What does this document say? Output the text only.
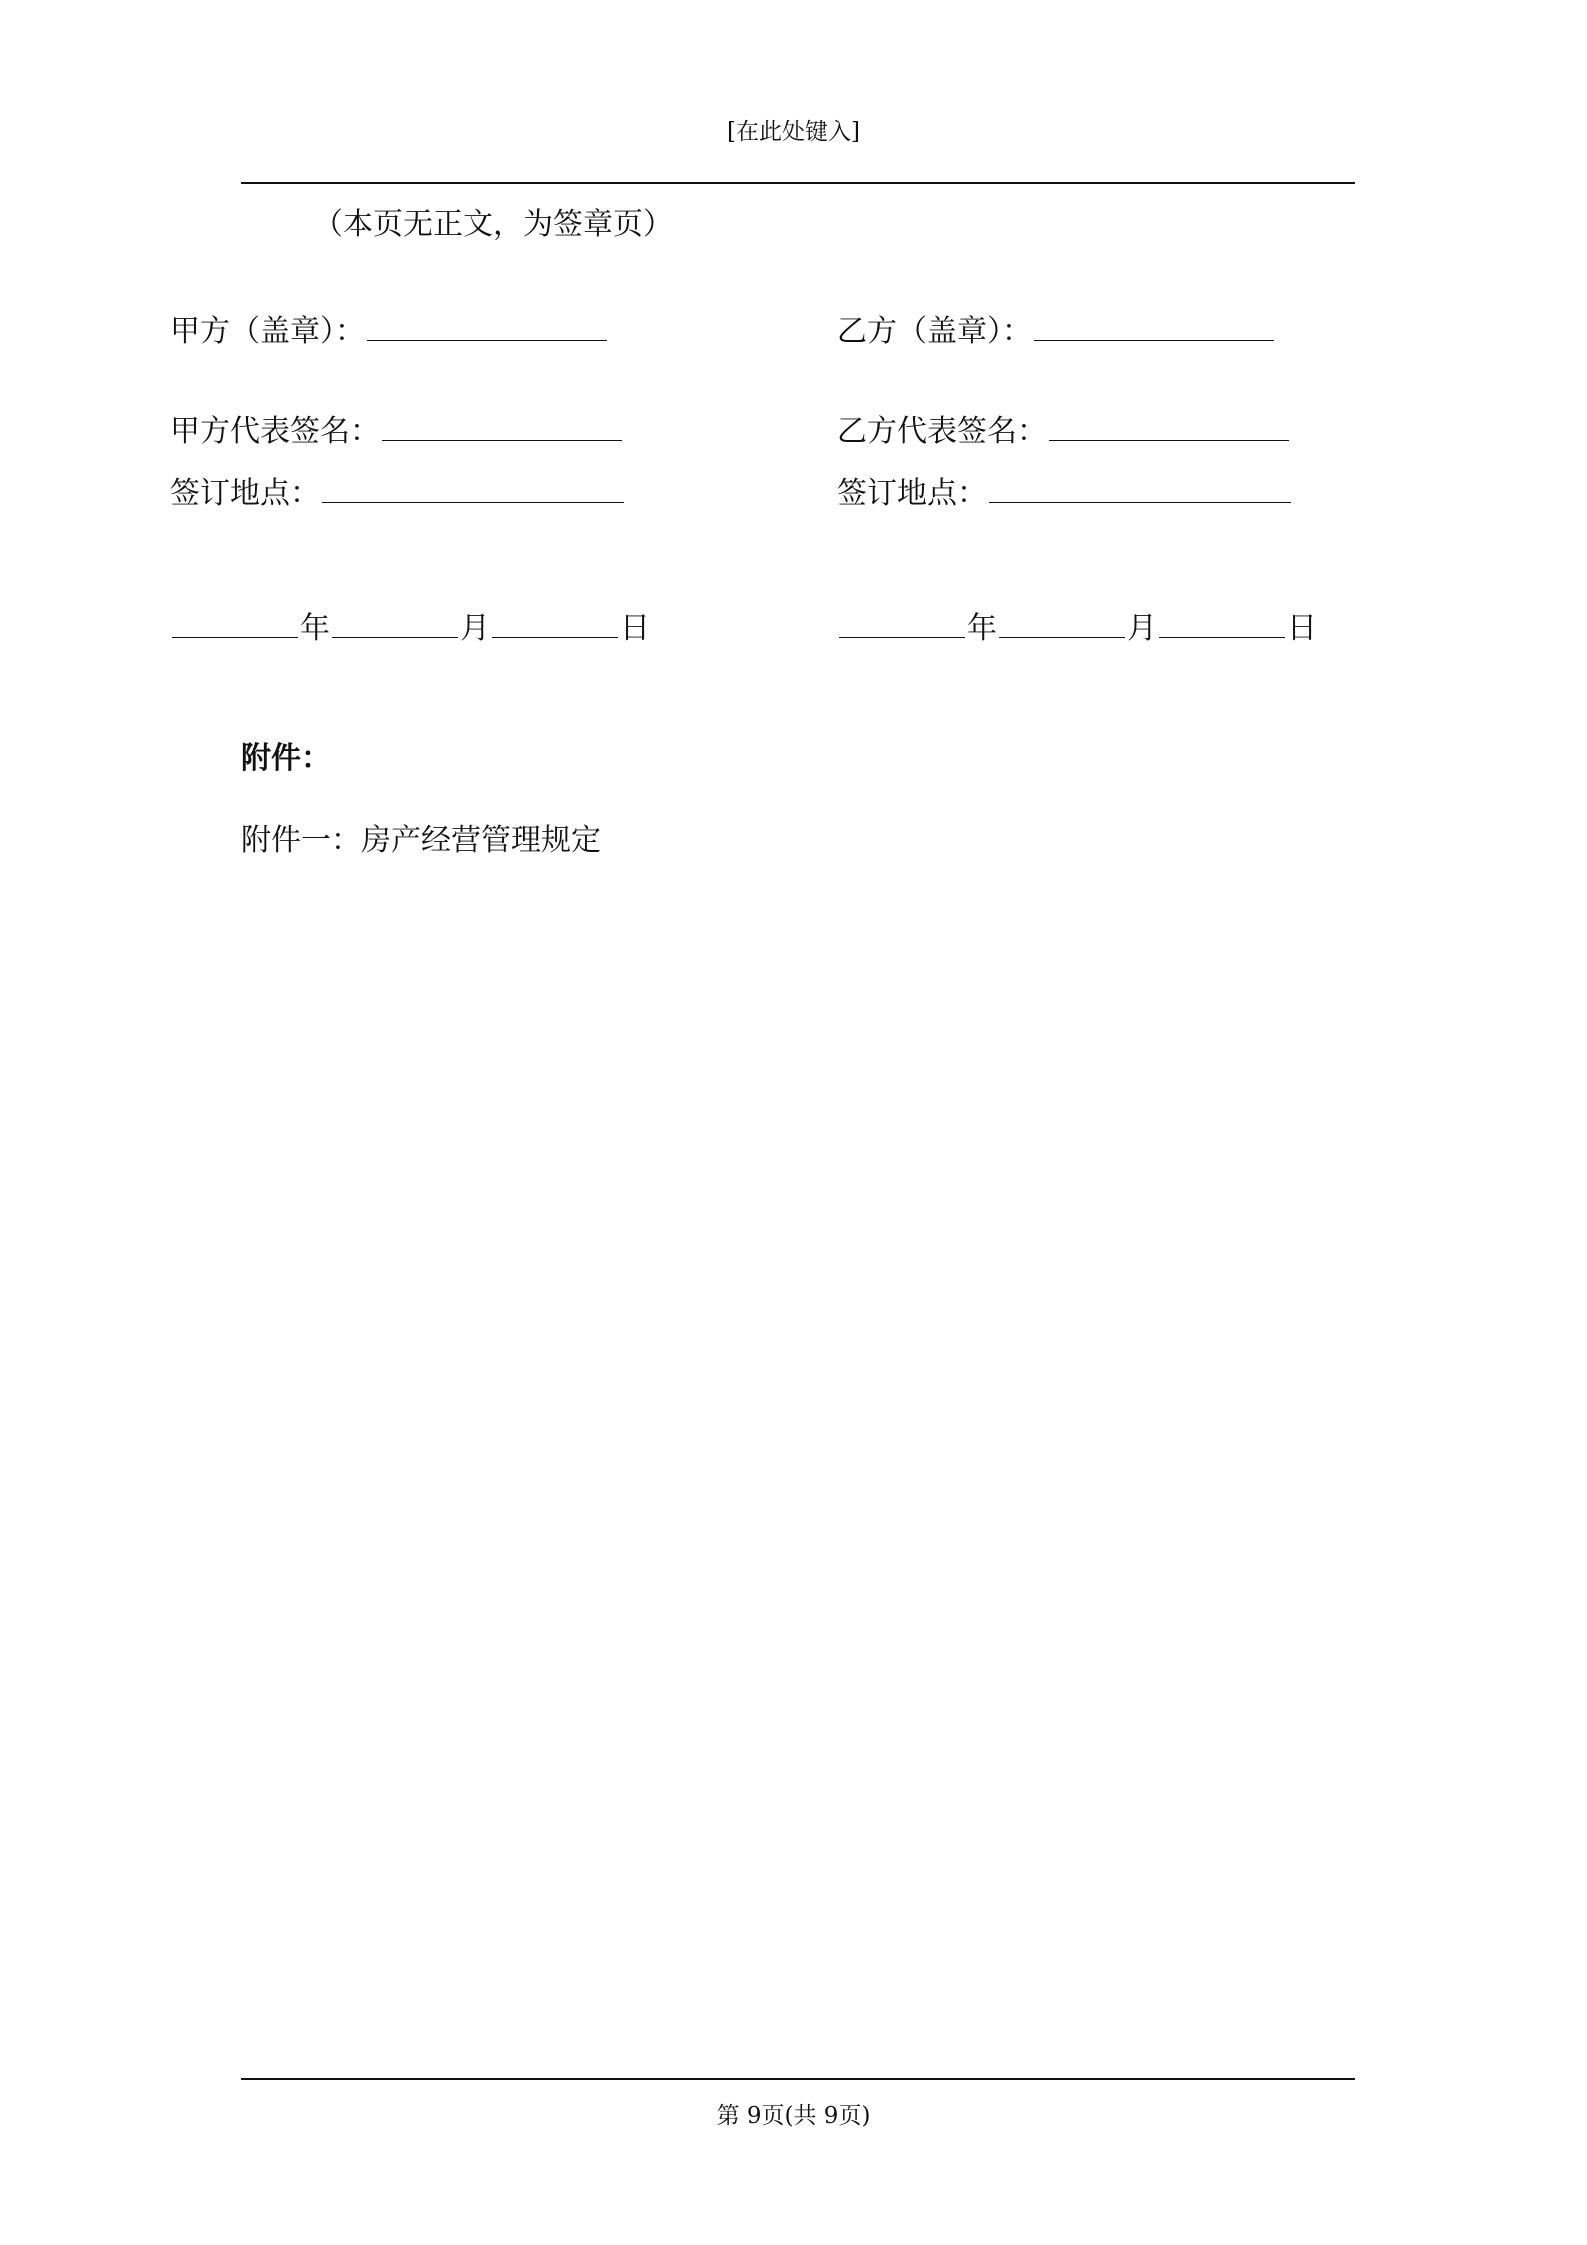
[在此处键入]
（本页无正文，为签章页）
甲方（盖章）：
甲方代表签名：
签订地点：
年	月	日
乙方（盖章）：
乙方代表签名：
签订地点：
年	月	日
附件：
附件一：房产经营管理规定
第 9页(共 9页)
